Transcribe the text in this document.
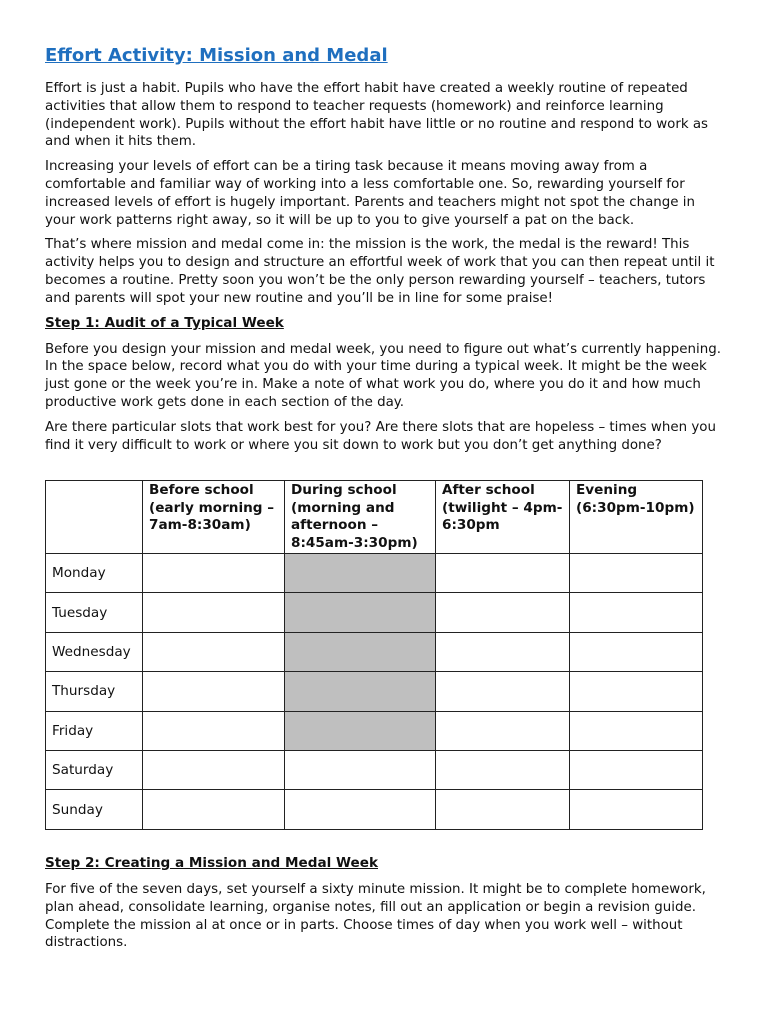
Effort Activity: Mission and Medal

Effort is just a habit. Pupils who have the effort habit have created a weekly routine of repeated activities that allow them to respond to teacher requests (homework) and reinforce learning (independent work). Pupils without the effort habit have little or no routine and respond to work as and when it hits them.

Increasing your levels of effort can be a tiring task because it means moving away from a comfortable and familiar way of working into a less comfortable one. So, rewarding yourself for increased levels of effort is hugely important. Parents and teachers might not spot the change in your work patterns right away, so it will be up to you to give yourself a pat on the back.

That’s where mission and medal come in: the mission is the work, the medal is the reward! This activity helps you to design and structure an effortful week of work that you can then repeat until it becomes a routine. Pretty soon you won’t be the only person rewarding yourself – teachers, tutors and parents will spot your new routine and you’ll be in line for some praise!

Step 1: Audit of a Typical Week

Before you design your mission and medal week, you need to figure out what’s currently happening. In the space below, record what you do with your time during a typical week. It might be the week just gone or the week you’re in. Make a note of what work you do, where you do it and how much productive work gets done in each section of the day.

Are there particular slots that work best for you? Are there slots that are hopeless – times when you find it very difficult to work or where you sit down to work but you don’t get anything done?

	Before school (early morning – 7am-8:30am)	During school (morning and afternoon – 8:45am-3:30pm)	After school (twilight – 4pm-6:30pm	Evening (6:30pm-10pm)
Monday				
Tuesday				
Wednesday				
Thursday				
Friday				
Saturday				
Sunday				
Step 2: Creating a Mission and Medal Week

For five of the seven days, set yourself a sixty minute mission. It might be to complete homework, plan ahead, consolidate learning, organise notes, fill out an application or begin a revision guide. Complete the mission al at once or in parts. Choose times of day when you work well – without distractions.
